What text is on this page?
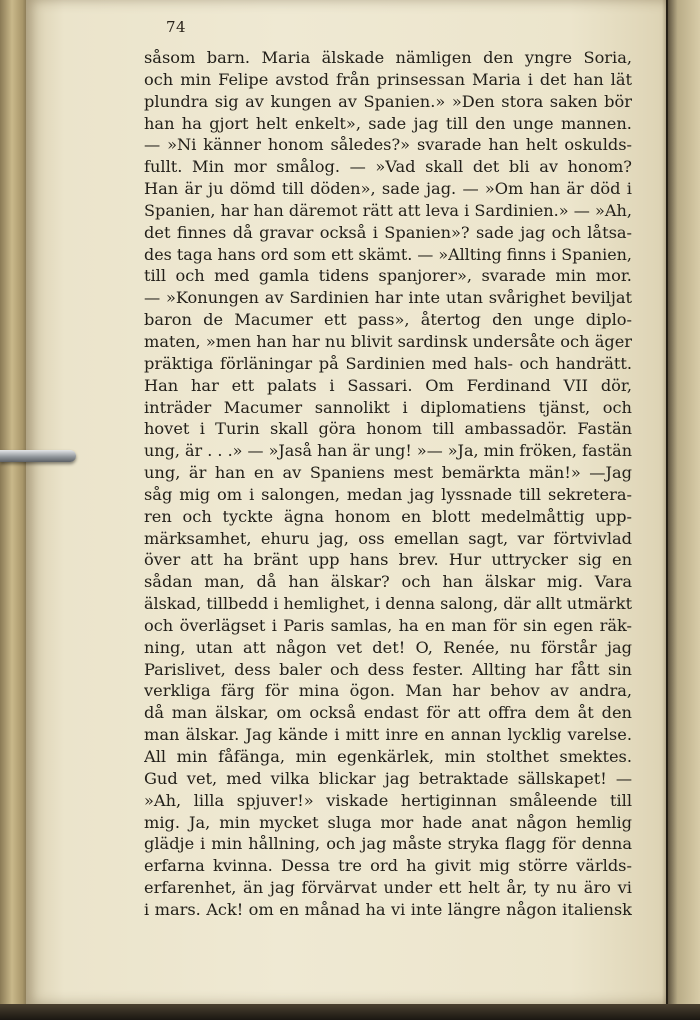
74
såsom barn. Maria älskade nämligen den yngre Soria,
och min Felipe avstod från prinsessan Maria i det han lät
plundra sig av kungen av Spanien.» »Den stora saken bör
han ha gjort helt enkelt», sade jag till den unge mannen.
— »Ni känner honom således?» svarade han helt oskulds-
fullt. Min mor smålog. — »Vad skall det bli av honom?
Han är ju dömd till döden», sade jag. — »Om han är död i
Spanien, har han däremot rätt att leva i Sardinien.» — »Ah,
det finnes då gravar också i Spanien»? sade jag och låtsa-
des taga hans ord som ett skämt. — »Allting finns i Spanien,
till och med gamla tidens spanjorer», svarade min mor.
— »Konungen av Sardinien har inte utan svårighet beviljat
baron de Macumer ett pass», återtog den unge diplo-
maten, »men han har nu blivit sardinsk undersåte och äger
präktiga förläningar på Sardinien med hals- och handrätt.
Han har ett palats i Sassari. Om Ferdinand VII dör,
inträder Macumer sannolikt i diplomatiens tjänst, och
hovet i Turin skall göra honom till ambassadör. Fastän
ung, är . . .» — »Jaså han är ung! »— »Ja, min fröken, fastän
ung, är han en av Spaniens mest bemärkta män!» —Jag
såg mig om i salongen, medan jag lyssnade till sekretera-
ren och tyckte ägna honom en blott medelmåttig upp-
märksamhet, ehuru jag, oss emellan sagt, var förtvivlad
över att ha bränt upp hans brev. Hur uttrycker sig en
sådan man, då han älskar? och han älskar mig. Vara
älskad, tillbedd i hemlighet, i denna salong, där allt utmärkt
och överlägset i Paris samlas, ha en man för sin egen räk-
ning, utan att någon vet det! O, Renée, nu förstår jag
Parislivet, dess baler och dess fester. Allting har fått sin
verkliga färg för mina ögon. Man har behov av andra,
då man älskar, om också endast för att offra dem åt den
man älskar. Jag kände i mitt inre en annan lycklig varelse.
All min fåfänga, min egenkärlek, min stolthet smektes.
Gud vet, med vilka blickar jag betraktade sällskapet! —
»Ah, lilla spjuver!» viskade hertiginnan småleende till
mig. Ja, min mycket sluga mor hade anat någon hemlig
glädje i min hållning, och jag måste stryka flagg för denna
erfarna kvinna. Dessa tre ord ha givit mig större världs-
erfarenhet, än jag förvärvat under ett helt år, ty nu äro vi
i mars. Ack! om en månad ha vi inte längre någon italiensk
